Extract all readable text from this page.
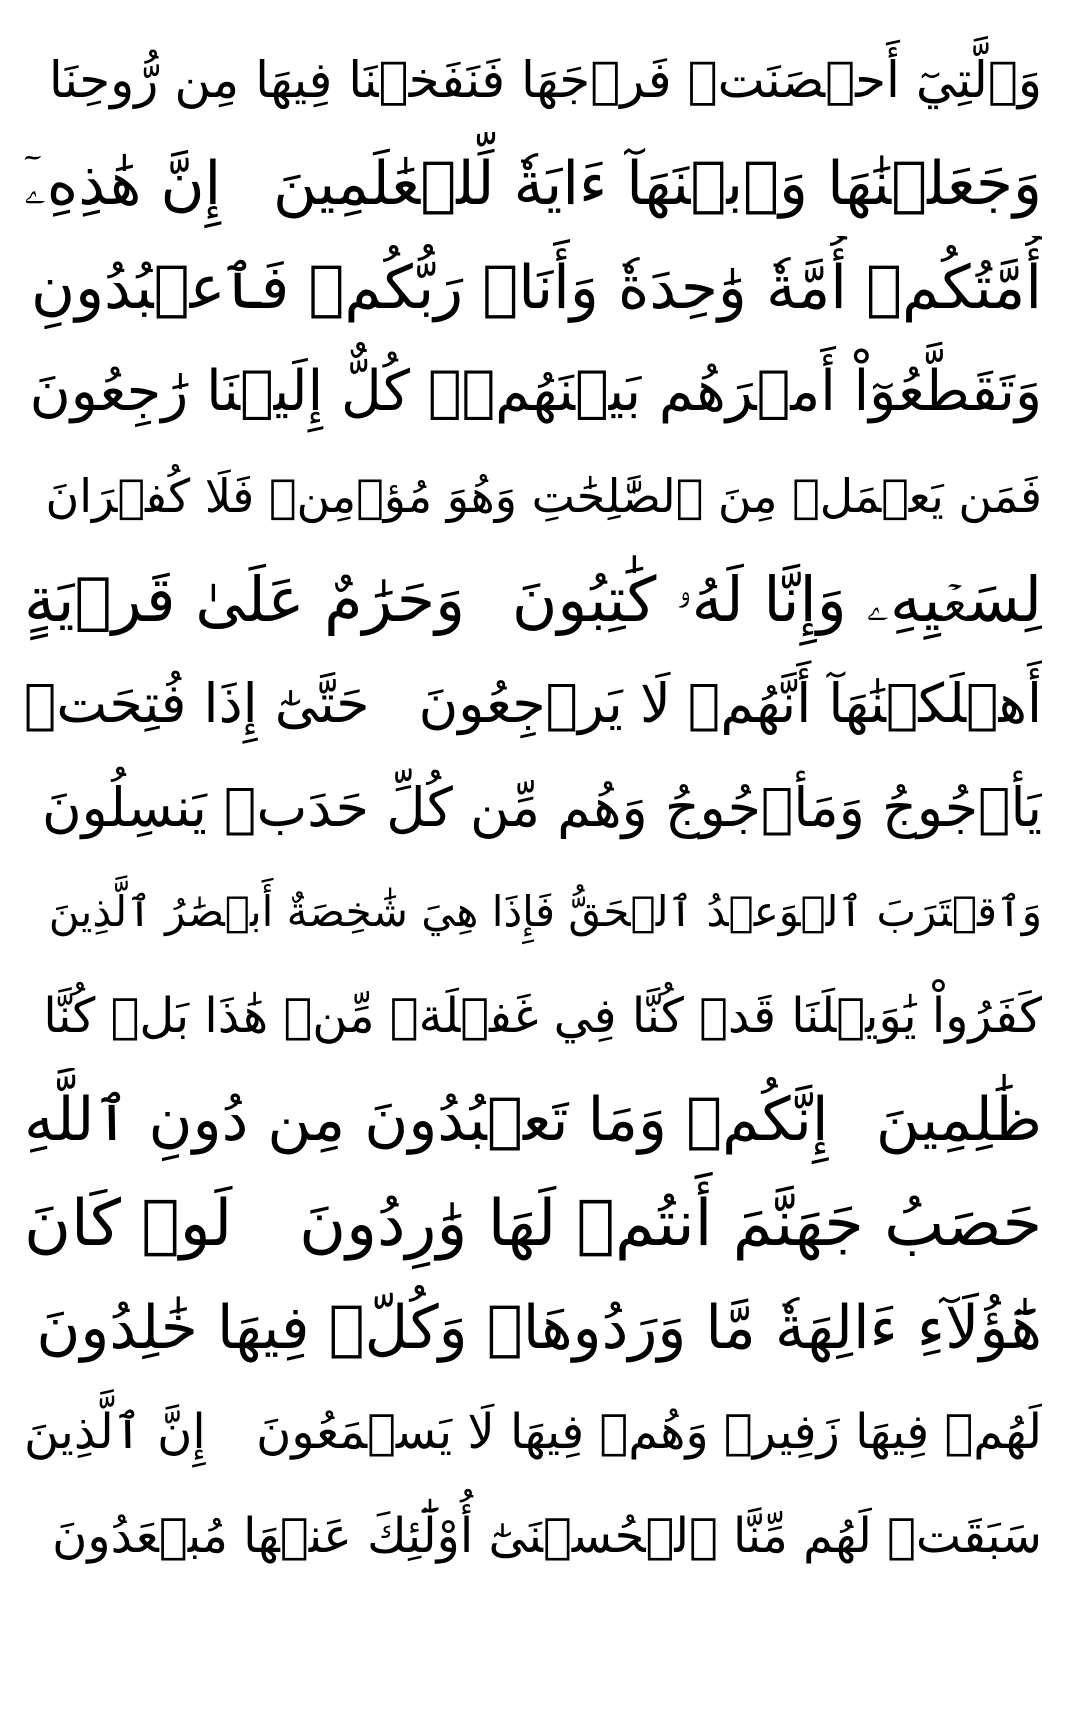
وَٱلَّتِيٓ أَحۡصَنَتۡ فَرۡجَهَا فَنَفَخۡنَا فِيهَا مِن رُّوحِنَا
وَجَعَلۡنَٰهَا وَٱبۡنَهَآ ءَايَةٗ لِّلۡعَٰلَمِينَ
إِنَّ هَٰذِهِۦٓ
أُمَّتُكُمۡ أُمَّةٗ وَٰحِدَةٗ وَأَنَا۠ رَبُّكُمۡ فَٱعۡبُدُونِ
وَتَقَطَّعُوٓاْ أَمۡرَهُم بَيۡنَهُمۡۖ كُلٌّ إِلَيۡنَا رَٰجِعُونَ
فَمَن يَعۡمَلۡ مِنَ ٱلصَّٰلِحَٰتِ وَهُوَ مُؤۡمِنٞ فَلَا كُفۡرَانَ
لِسَعۡيِهِۦ وَإِنَّا لَهُۥ كَٰتِبُونَ
وَحَرَٰمٌ عَلَىٰ قَرۡيَةٍ
أَهۡلَكۡنَٰهَآ أَنَّهُمۡ لَا يَرۡجِعُونَ
حَتَّىٰٓ إِذَا فُتِحَتۡ
يَأۡجُوجُ وَمَأۡجُوجُ وَهُم مِّن كُلِّ حَدَبٖ يَنسِلُونَ
وَٱقۡتَرَبَ ٱلۡوَعۡدُ ٱلۡحَقُّ فَإِذَا هِيَ شَٰخِصَةٌ أَبۡصَٰرُ ٱلَّذِينَ
كَفَرُواْ يَٰوَيۡلَنَا قَدۡ كُنَّا فِي غَفۡلَةٖ مِّنۡ هَٰذَا بَلۡ كُنَّا
ظَٰلِمِينَ
إِنَّكُمۡ وَمَا تَعۡبُدُونَ مِن دُونِ ٱللَّهِ
حَصَبُ جَهَنَّمَ أَنتُمۡ لَهَا وَٰرِدُونَ
لَوۡ كَانَ
هَٰٓؤُلَآءِ ءَالِهَةٗ مَّا وَرَدُوهَاۖ وَكُلّٞ فِيهَا خَٰلِدُونَ
لَهُمۡ فِيهَا زَفِيرٞ وَهُمۡ فِيهَا لَا يَسۡمَعُونَ
إِنَّ ٱلَّذِينَ
سَبَقَتۡ لَهُم مِّنَّا ٱلۡحُسۡنَىٰٓ أُوْلَٰٓئِكَ عَنۡهَا مُبۡعَدُونَ
